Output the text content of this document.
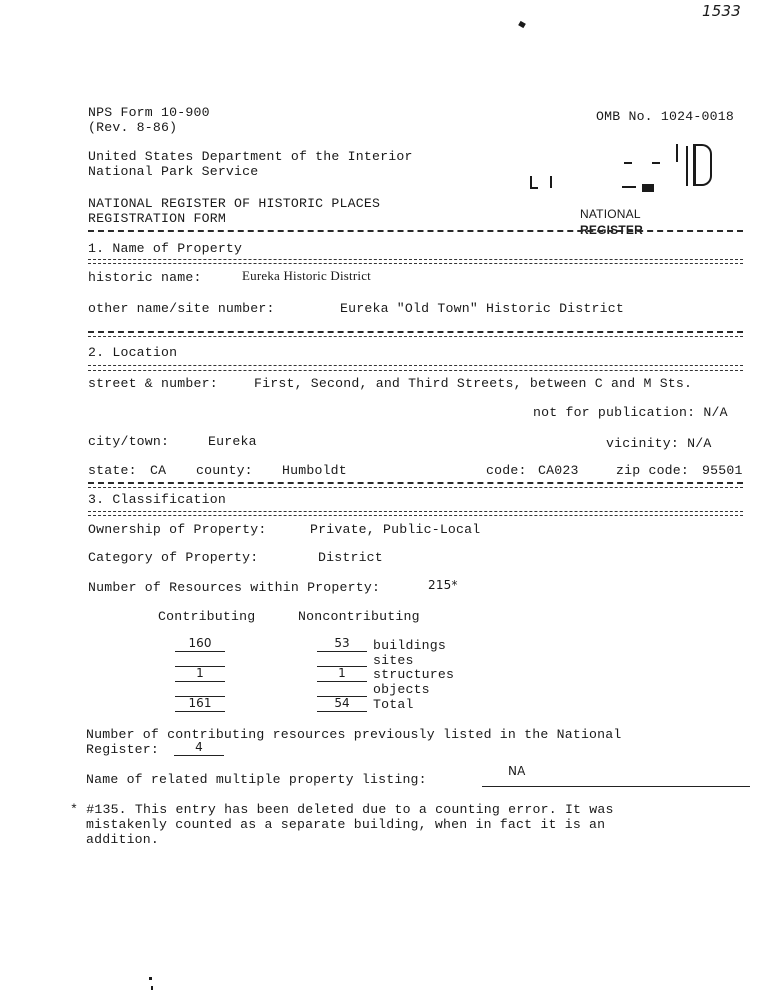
1533
NPS Form 10-900
(Rev. 8-86)
OMB No. 1024-0018
United States Department of the Interior
National Park Service
NATIONAL REGISTER OF HISTORIC PLACES
REGISTRATION FORM	NATIONAL
REGISTER
1. Name of Property
historic name:	Eureka Historic District
other name/site number:	Eureka "Old Town" Historic District
2. Location
street & number:	First, Second, and Third Streets, between C and M Sts.
not for publication: N/A
city/town:	Eureka	vicinity: N/A
state: CA county: Humboldt	code: CA023	zip code: 95501
3. Classification
Ownership of Property:	Private, Public-Local
Category of Property:	District
Number of Resources within Property:	215*
Contributing	Noncontributing
160	53	buildings
sites
1	1	structures
objects
161	54	Total
Number of contributing resources previously listed in the National
Register:	4
Name of related multiple property listing:
NA
* #135. This entry has been deleted due to a counting error. It was
mistakenly counted as a separate building, when in fact it is an
addition.
